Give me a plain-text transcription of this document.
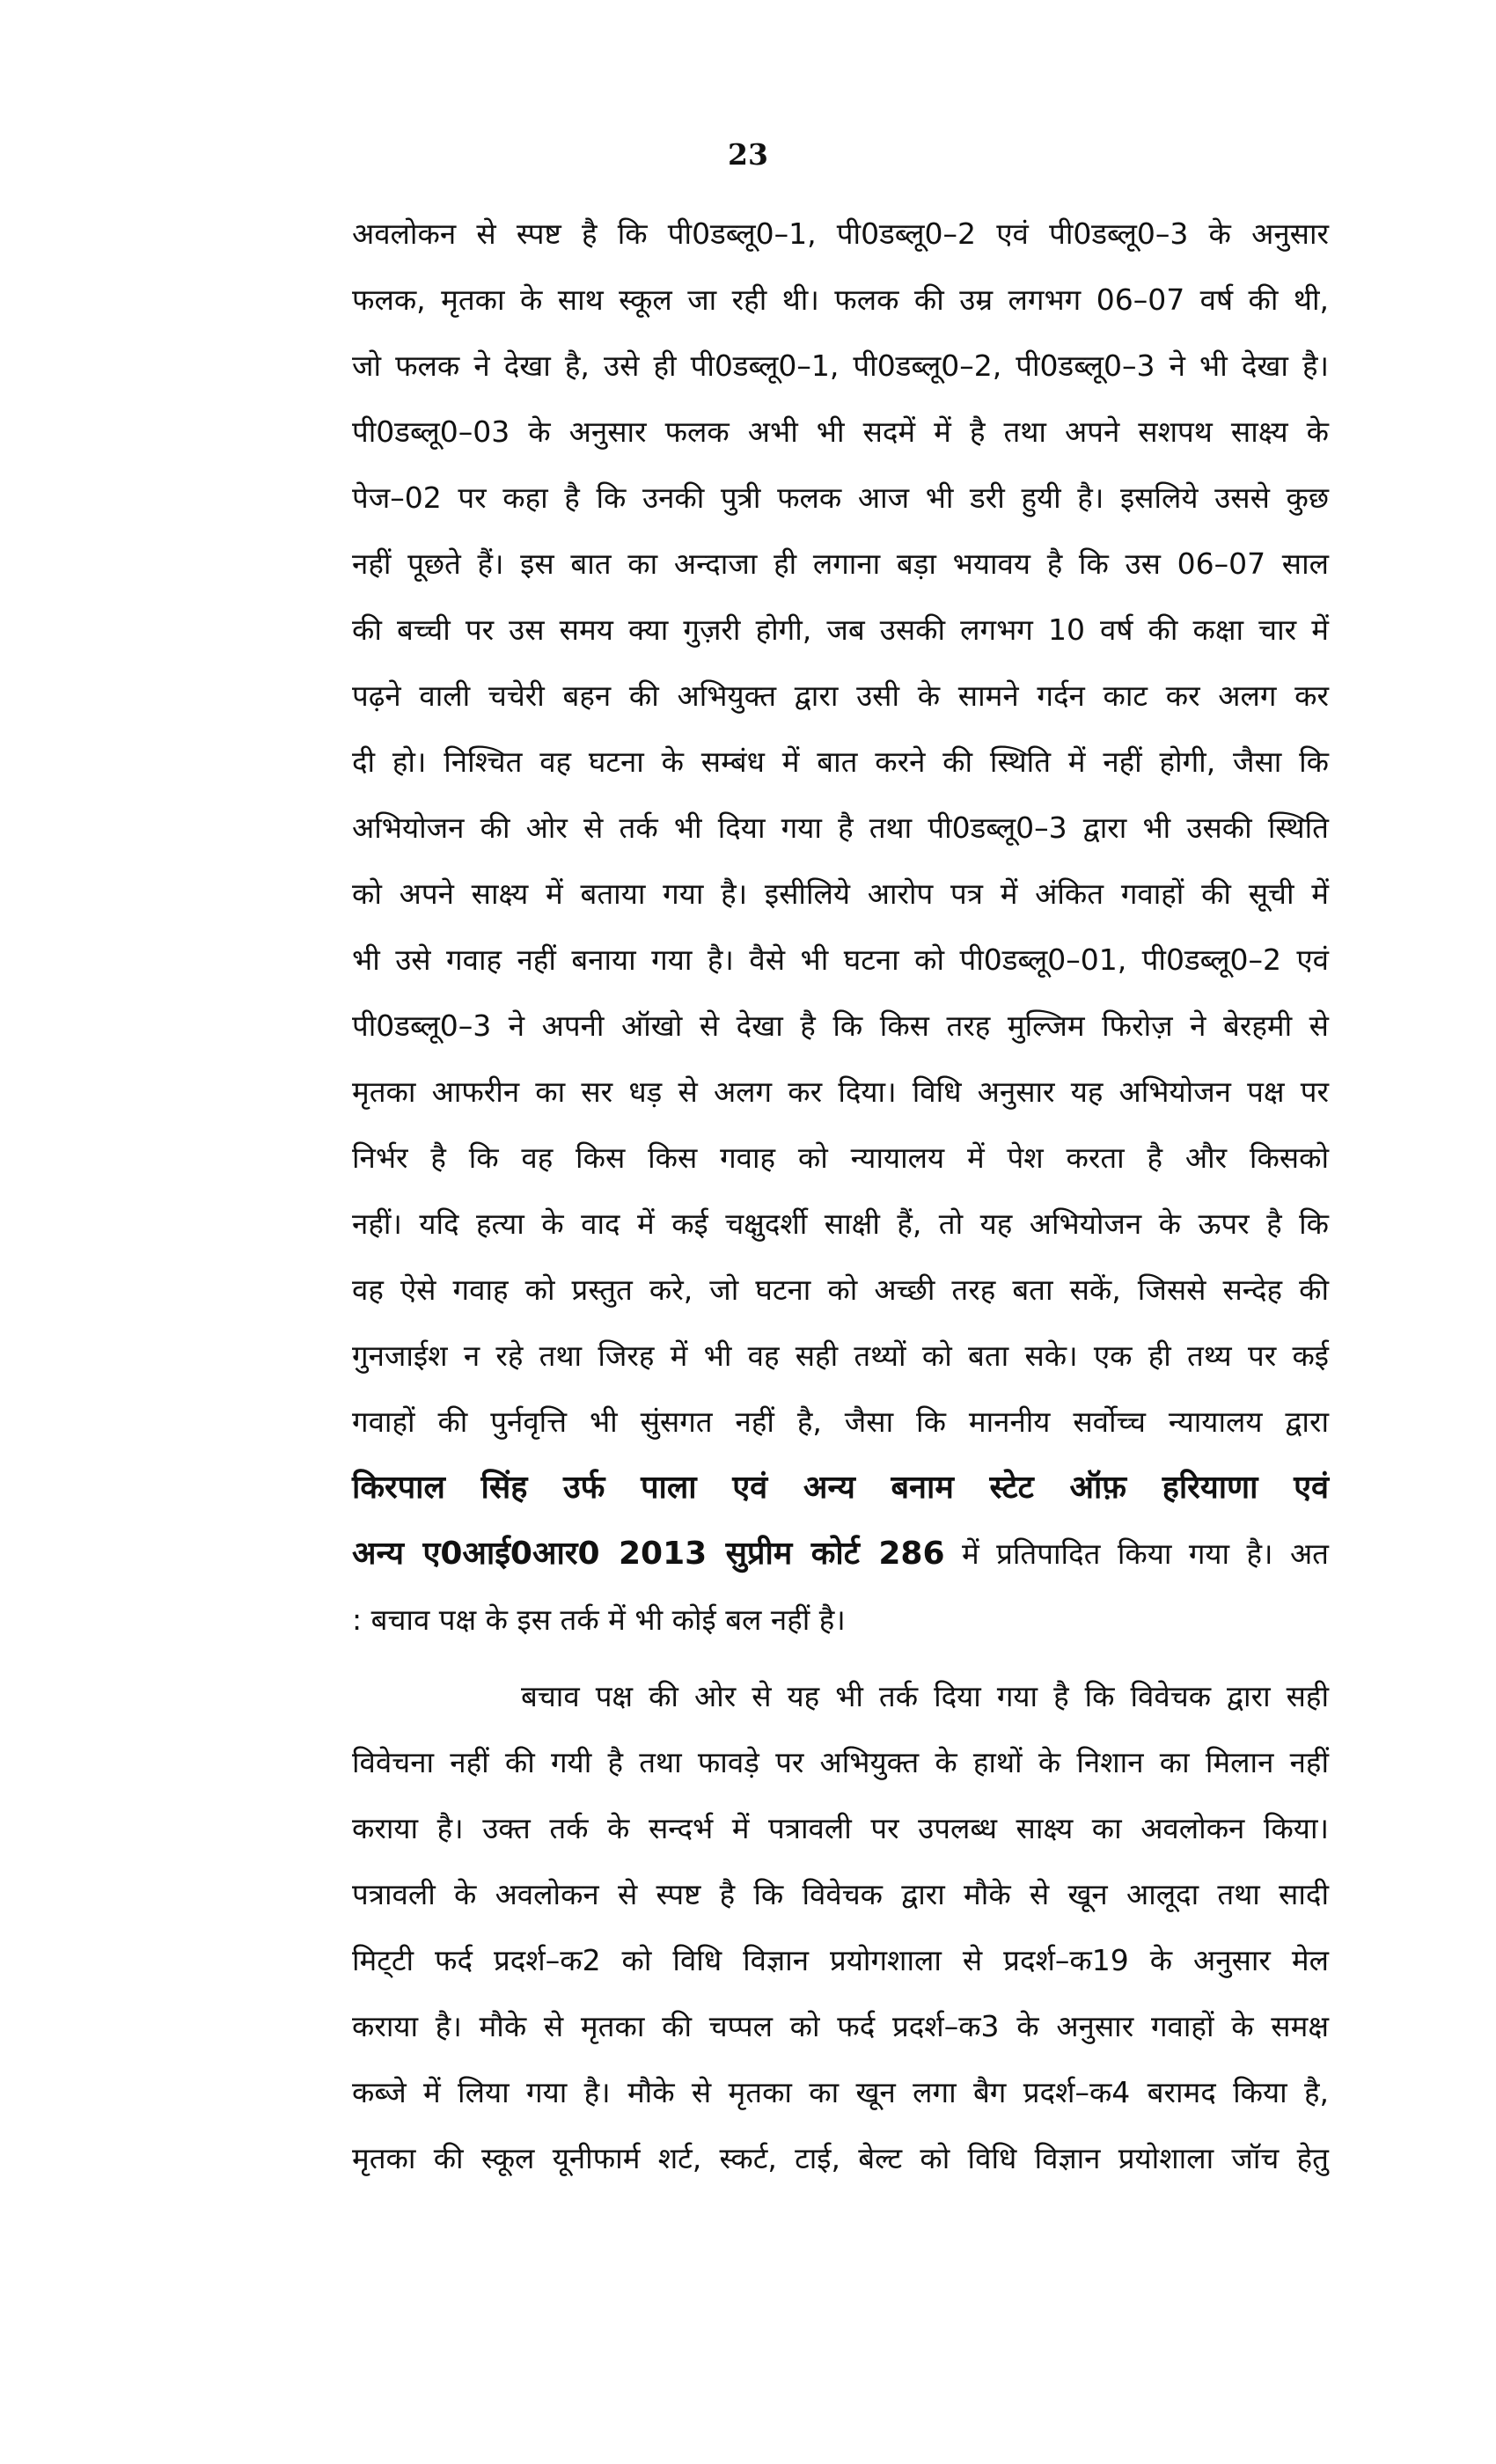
23
अवलोकन से स्पष्ट है कि पी0डब्लू0–1, पी0डब्लू0–2 एवं पी0डब्लू0–3 के अनुसार
फलक, मृतका के साथ स्कूल जा रही थी। फलक की उम्र लगभग 06–07 वर्ष की थी,
जो फलक ने देखा है, उसे ही पी0डब्लू0–1, पी0डब्लू0–2, पी0डब्लू0–3 ने भी देखा है।
पी0डब्लू0–03 के अनुसार फलक अभी भी सदमें में है तथा अपने सशपथ साक्ष्य के
पेज–02 पर कहा है कि उनकी पुत्री फलक आज भी डरी हुयी है। इसलिये उससे कुछ
नहीं पूछते हैं। इस बात का अन्दाजा ही लगाना बड़ा भयावय है कि उस 06–07 साल
की बच्ची पर उस समय क्या गुज़री होगी, जब उसकी लगभग 10 वर्ष की कक्षा चार में
पढ़ने वाली चचेरी बहन की अभियुक्त द्वारा उसी के सामने गर्दन काट कर अलग कर
दी हो। निश्चित वह घटना के सम्बंध में बात करने की स्थिति में नहीं होगी, जैसा कि
अभियोजन की ओर से तर्क भी दिया गया है तथा पी0डब्लू0–3 द्वारा भी उसकी स्थिति
को अपने साक्ष्य में बताया गया है। इसीलिये आरोप पत्र में अंकित गवाहों की सूची में
भी उसे गवाह नहीं बनाया गया है। वैसे भी घटना को पी0डब्लू0–01, पी0डब्लू0–2 एवं
पी0डब्लू0–3 ने अपनी ऑखो से देखा है कि किस तरह मुल्जिम फिरोज़ ने बेरहमी से
मृतका आफरीन का सर धड़ से अलग कर दिया। विधि अनुसार यह अभियोजन पक्ष पर
निर्भर है कि वह किस किस गवाह को न्यायालय में पेश करता है और किसको
नहीं। यदि हत्या के वाद में कई चक्षुदर्शी साक्षी हैं, तो यह अभियोजन के ऊपर है कि
वह ऐसे गवाह को प्रस्तुत करे, जो घटना को अच्छी तरह बता सकें, जिससे सन्देह की
गुनजाईश न रहे तथा जिरह में भी वह सही तथ्यों को बता सके। एक ही तथ्य पर कई
गवाहों की पुर्नवृत्ति भी सुंसगत नहीं है, जैसा कि माननीय सर्वोच्च न्यायालय द्वारा
किरपाल सिंह उर्फ पाला एवं अन्य बनाम स्टेट ऑफ़ हरियाणा एवं
अन्य ए0आई0आर0 2013 सुप्रीम कोर्ट 286 में प्रतिपादित किया गया है। अत
: बचाव पक्ष के इस तर्क में भी कोई बल नहीं है।
बचाव पक्ष की ओर से यह भी तर्क दिया गया है कि विवेचक द्वारा सही
विवेचना नहीं की गयी है तथा फावड़े पर अभियुक्त के हाथों के निशान का मिलान नहीं
कराया है। उक्त तर्क के सन्दर्भ में पत्रावली पर उपलब्ध साक्ष्य का अवलोकन किया।
पत्रावली के अवलोकन से स्पष्ट है कि विवेचक द्वारा मौके से खून आलूदा तथा सादी
मिट्‌टी फर्द प्रदर्श–क2 को विधि विज्ञान प्रयोगशाला से प्रदर्श–क19 के अनुसार मेल
कराया है। मौके से मृतका की चप्पल को फर्द प्रदर्श–क3 के अनुसार गवाहों के समक्ष
कब्जे में लिया गया है। मौके से मृतका का खून लगा बैग प्रदर्श–क4 बरामद किया है,
मृतका की स्कूल यूनीफार्म शर्ट, स्कर्ट, टाई, बेल्ट को विधि विज्ञान प्रयोशाला जॉच हेतु
